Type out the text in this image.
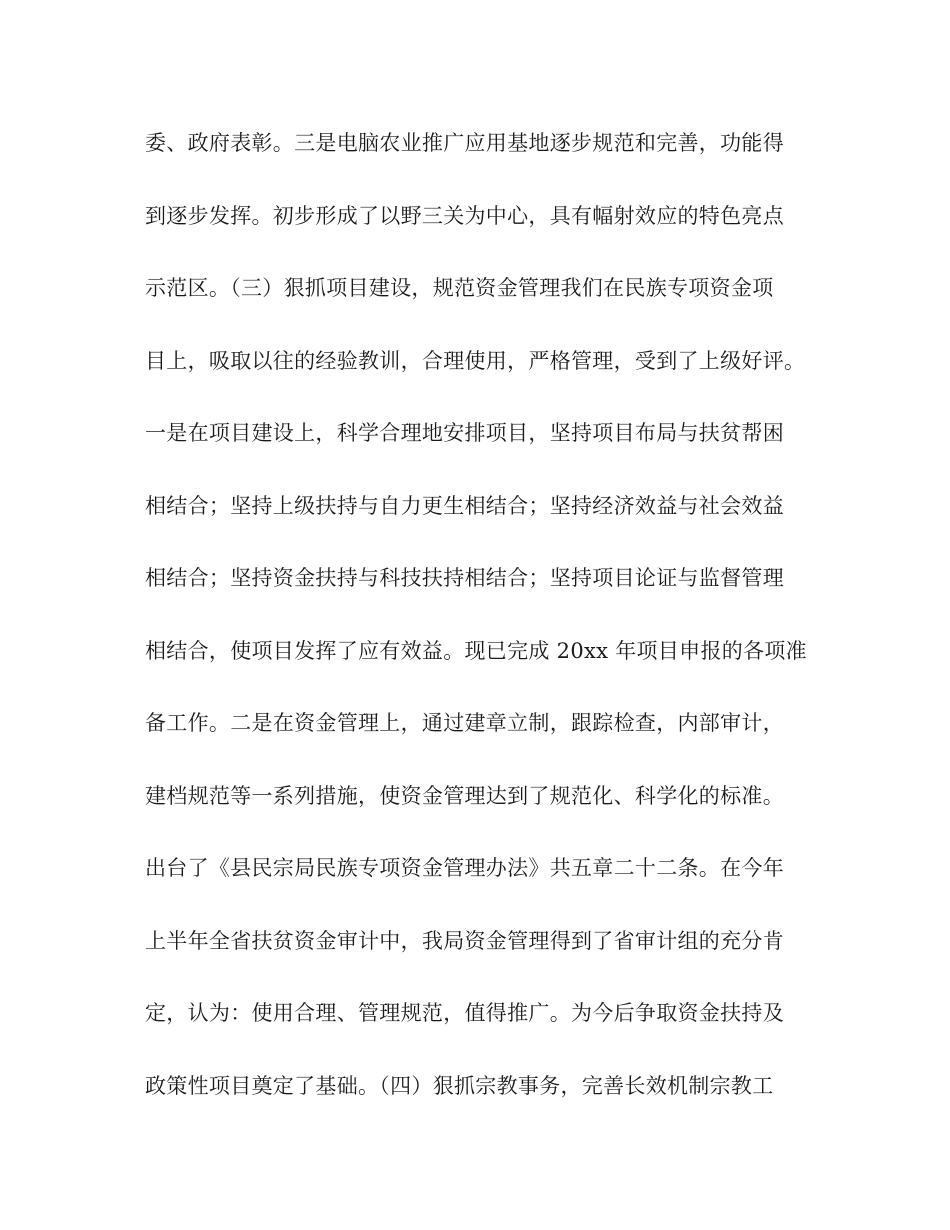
委、政府表彰。三是电脑农业推广应用基地逐步规范和完善，功能得
到逐步发挥。初步形成了以野三关为中心，具有幅射效应的特色亮点
示范区。（三）狠抓项目建设，规范资金管理我们在民族专项资金项
目上，吸取以往的经验教训，合理使用，严格管理，受到了上级好评。
一是在项目建设上，科学合理地安排项目，坚持项目布局与扶贫帮困
相结合；坚持上级扶持与自力更生相结合；坚持经济效益与社会效益
相结合；坚持资金扶持与科技扶持相结合；坚持项目论证与监督管理
相结合，使项目发挥了应有效益。现已完成 20xx 年项目申报的各项准
备工作。二是在资金管理上，通过建章立制，跟踪检查，内部审计，
建档规范等一系列措施，使资金管理达到了规范化、科学化的标准。
出台了《县民宗局民族专项资金管理办法》共五章二十二条。在今年
上半年全省扶贫资金审计中，我局资金管理得到了省审计组的充分肯
定，认为：使用合理、管理规范，值得推广。为今后争取资金扶持及
政策性项目奠定了基础。（四）狠抓宗教事务，完善长效机制宗教工
